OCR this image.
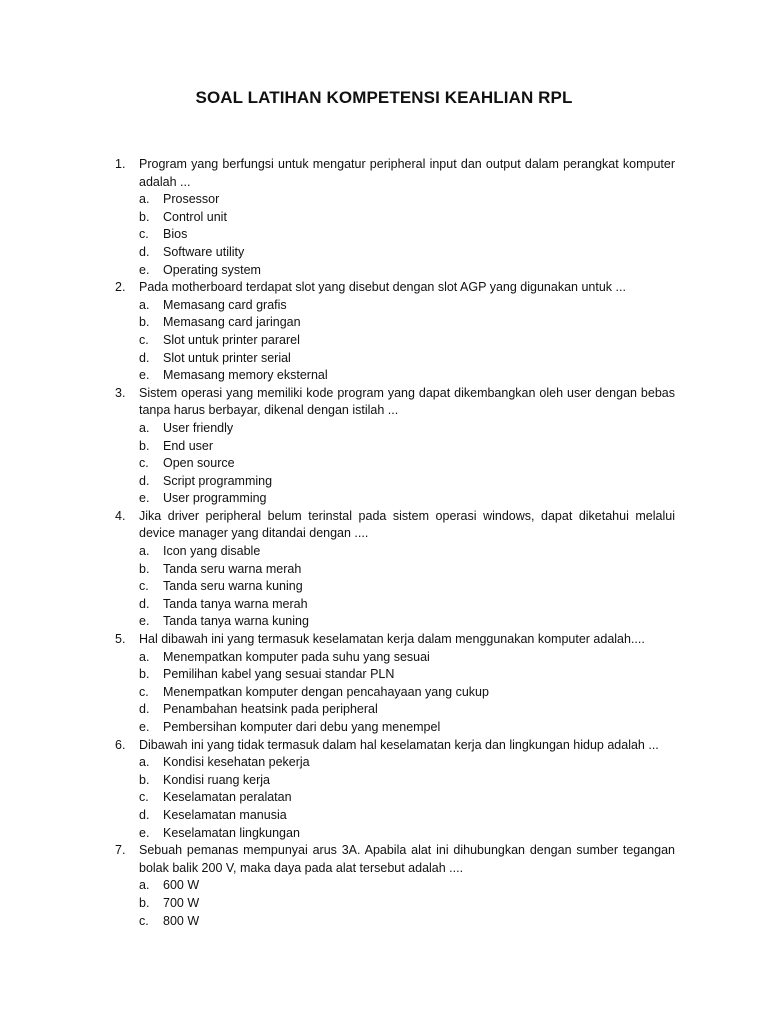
SOAL LATIHAN KOMPETENSI KEAHLIAN RPL
1. Program yang berfungsi untuk mengatur peripheral input dan output dalam perangkat komputer adalah ...
a. Prosessor
b. Control unit
c. Bios
d. Software utility
e. Operating system
2. Pada motherboard terdapat slot yang disebut dengan slot AGP yang digunakan untuk ...
a. Memasang card grafis
b. Memasang card jaringan
c. Slot untuk printer pararel
d. Slot untuk printer serial
e. Memasang memory eksternal
3. Sistem operasi yang memiliki kode program yang dapat dikembangkan oleh user dengan bebas tanpa harus berbayar, dikenal dengan istilah ...
a. User friendly
b. End user
c. Open source
d. Script programming
e. User programming
4. Jika driver peripheral belum terinstal pada sistem operasi windows, dapat diketahui melalui device manager yang ditandai dengan ....
a. Icon yang disable
b. Tanda seru warna merah
c. Tanda seru warna kuning
d. Tanda tanya warna merah
e. Tanda tanya warna kuning
5. Hal dibawah ini yang termasuk keselamatan kerja dalam menggunakan komputer adalah....
a. Menempatkan komputer pada suhu yang sesuai
b. Pemilihan kabel yang sesuai standar PLN
c. Menempatkan komputer dengan pencahayaan yang cukup
d. Penambahan heatsink pada peripheral
e. Pembersihan komputer dari debu yang menempel
6. Dibawah ini yang tidak termasuk dalam hal keselamatan kerja dan lingkungan hidup adalah ...
a. Kondisi kesehatan pekerja
b. Kondisi ruang kerja
c. Keselamatan peralatan
d. Keselamatan manusia
e. Keselamatan lingkungan
7. Sebuah pemanas mempunyai arus 3A. Apabila alat ini dihubungkan dengan sumber tegangan bolak balik 200 V, maka daya pada alat tersebut adalah ....
a. 600 W
b. 700 W
c. 800 W
